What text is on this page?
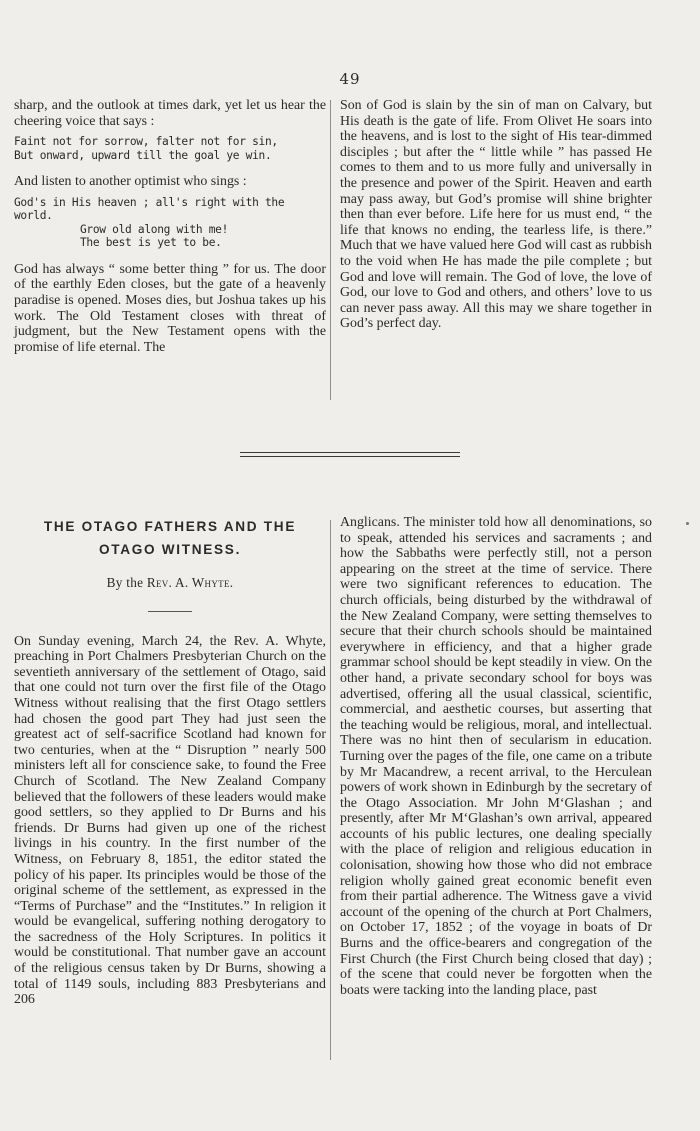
49

sharp, and the outlook at times dark, yet let us hear the cheering voice that says :

Faint not for sorrow, falter not for sin,
But onward, upward till the goal ye win.

And listen to another optimist who sings :

God's in His heaven ; all's right with the world.

Grow old along with me!
The best is yet to be.

God has always “ some better thing ” for us. The door of the earthly Eden closes, but the gate of a heavenly paradise is opened. Moses dies, but Joshua takes up his work. The Old Testament closes with threat of judgment, but the New Testament opens with the promise of life eternal. The

Son of God is slain by the sin of man on Calvary, but His death is the gate of life. From Olivet He soars into the heavens, and is lost to the sight of His tear-dimmed disciples ; but after the “ little while ” has passed He comes to them and to us more fully and universally in the presence and power of the Spirit. Heaven and earth may pass away, but God’s promise will shine brighter then than ever before. Life here for us must end, “ the life that knows no ending, the tearless life, is there.” Much that we have valued here God will cast as rubbish to the void when He has made the pile complete ; but God and love will remain. The God of love, the love of God, our love to God and others, and others’ love to us can never pass away. All this may we share together in God’s perfect day.

THE OTAGO FATHERS AND THE
OTAGO WITNESS.
By the Rev. A. Whyte.

On Sunday evening, March 24, the Rev. A. Whyte, preaching in Port Chalmers Presbyterian Church on the seventieth anniversary of the settlement of Otago, said that one could not turn over the first file of the Otago Witness without realising that the first Otago settlers had chosen the good part They had just seen the greatest act of self-sacrifice Scotland had known for two centuries, when at the “ Disruption ” nearly 500 ministers left all for conscience sake, to found the Free Church of Scotland. The New Zealand Company believed that the followers of these leaders would make good settlers, so they applied to Dr Burns and his friends. Dr Burns had given up one of the richest livings in his country. In the first number of the Witness, on February 8, 1851, the editor stated the policy of his paper. Its principles would be those of the original scheme of the settlement, as expressed in the “Terms of Purchase” and the “Institutes.” In religion it would be evangelical, suffering nothing derogatory to the sacredness of the Holy Scriptures. In politics it would be constitutional. That number gave an account of the religious census taken by Dr Burns, showing a total of 1149 souls, including 883 Presbyterians and 206

Anglicans. The minister told how all denominations, so to speak, attended his services and sacraments ; and how the Sabbaths were perfectly still, not a person appearing on the street at the time of service. There were two significant references to education. The church officials, being disturbed by the withdrawal of the New Zealand Company, were setting themselves to secure that their church schools should be maintained everywhere in efficiency, and that a higher grade grammar school should be kept steadily in view. On the other hand, a private secondary school for boys was advertised, offering all the usual classical, scientific, commercial, and aesthetic courses, but asserting that the teaching would be religious, moral, and intellectual. There was no hint then of secularism in education. Turning over the pages of the file, one came on a tribute by Mr Macandrew, a recent arrival, to the Herculean powers of work shown in Edinburgh by the secretary of the Otago Association. Mr John M‘Glashan ; and presently, after Mr M‘Glashan’s own arrival, appeared accounts of his public lectures, one dealing specially with the place of religion and religious education in colonisation, showing how those who did not embrace religion wholly gained great economic benefit even from their partial adherence. The Witness gave a vivid account of the opening of the church at Port Chalmers, on October 17, 1852 ; of the voyage in boats of Dr Burns and the office-bearers and congregation of the First Church (the First Church being closed that day) ; of the scene that could never be forgotten when the boats were tacking into the landing place, past
